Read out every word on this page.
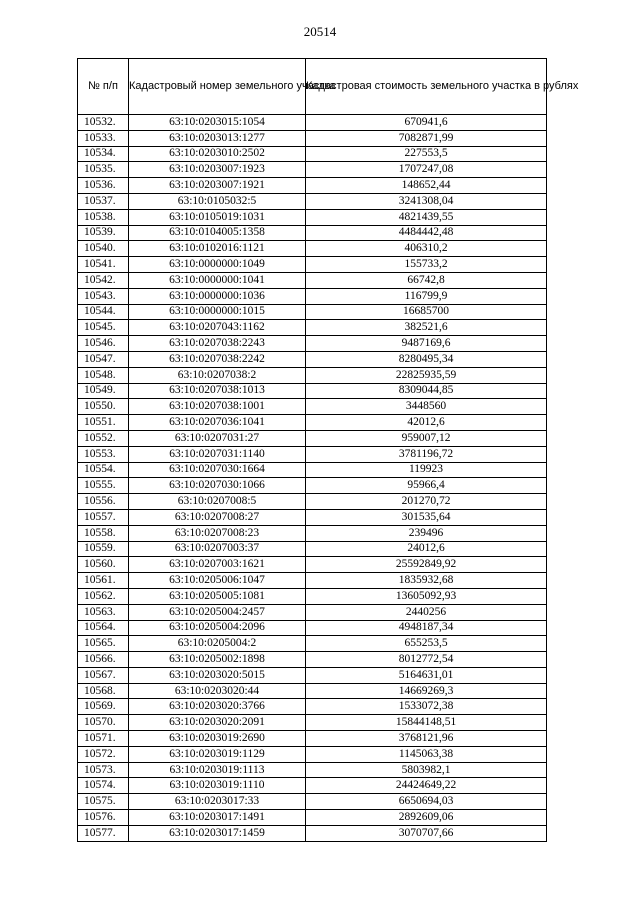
20514
№ п/п	Кадастровый номер земельного участка	Кадастровая стоимость земельного участка в рублях
10532.	63:10:0203015:1054	670941,6
10533.	63:10:0203013:1277	7082871,99
10534.	63:10:0203010:2502	227553,5
10535.	63:10:0203007:1923	1707247,08
10536.	63:10:0203007:1921	148652,44
10537.	63:10:0105032:5	3241308,04
10538.	63:10:0105019:1031	4821439,55
10539.	63:10:0104005:1358	4484442,48
10540.	63:10:0102016:1121	406310,2
10541.	63:10:0000000:1049	155733,2
10542.	63:10:0000000:1041	66742,8
10543.	63:10:0000000:1036	116799,9
10544.	63:10:0000000:1015	16685700
10545.	63:10:0207043:1162	382521,6
10546.	63:10:0207038:2243	9487169,6
10547.	63:10:0207038:2242	8280495,34
10548.	63:10:0207038:2	22825935,59
10549.	63:10:0207038:1013	8309044,85
10550.	63:10:0207038:1001	3448560
10551.	63:10:0207036:1041	42012,6
10552.	63:10:0207031:27	959007,12
10553.	63:10:0207031:1140	3781196,72
10554.	63:10:0207030:1664	119923
10555.	63:10:0207030:1066	95966,4
10556.	63:10:0207008:5	201270,72
10557.	63:10:0207008:27	301535,64
10558.	63:10:0207008:23	239496
10559.	63:10:0207003:37	24012,6
10560.	63:10:0207003:1621	25592849,92
10561.	63:10:0205006:1047	1835932,68
10562.	63:10:0205005:1081	13605092,93
10563.	63:10:0205004:2457	2440256
10564.	63:10:0205004:2096	4948187,34
10565.	63:10:0205004:2	655253,5
10566.	63:10:0205002:1898	8012772,54
10567.	63:10:0203020:5015	5164631,01
10568.	63:10:0203020:44	14669269,3
10569.	63:10:0203020:3766	1533072,38
10570.	63:10:0203020:2091	15844148,51
10571.	63:10:0203019:2690	3768121,96
10572.	63:10:0203019:1129	1145063,38
10573.	63:10:0203019:1113	5803982,1
10574.	63:10:0203019:1110	24424649,22
10575.	63:10:0203017:33	6650694,03
10576.	63:10:0203017:1491	2892609,06
10577.	63:10:0203017:1459	3070707,66
